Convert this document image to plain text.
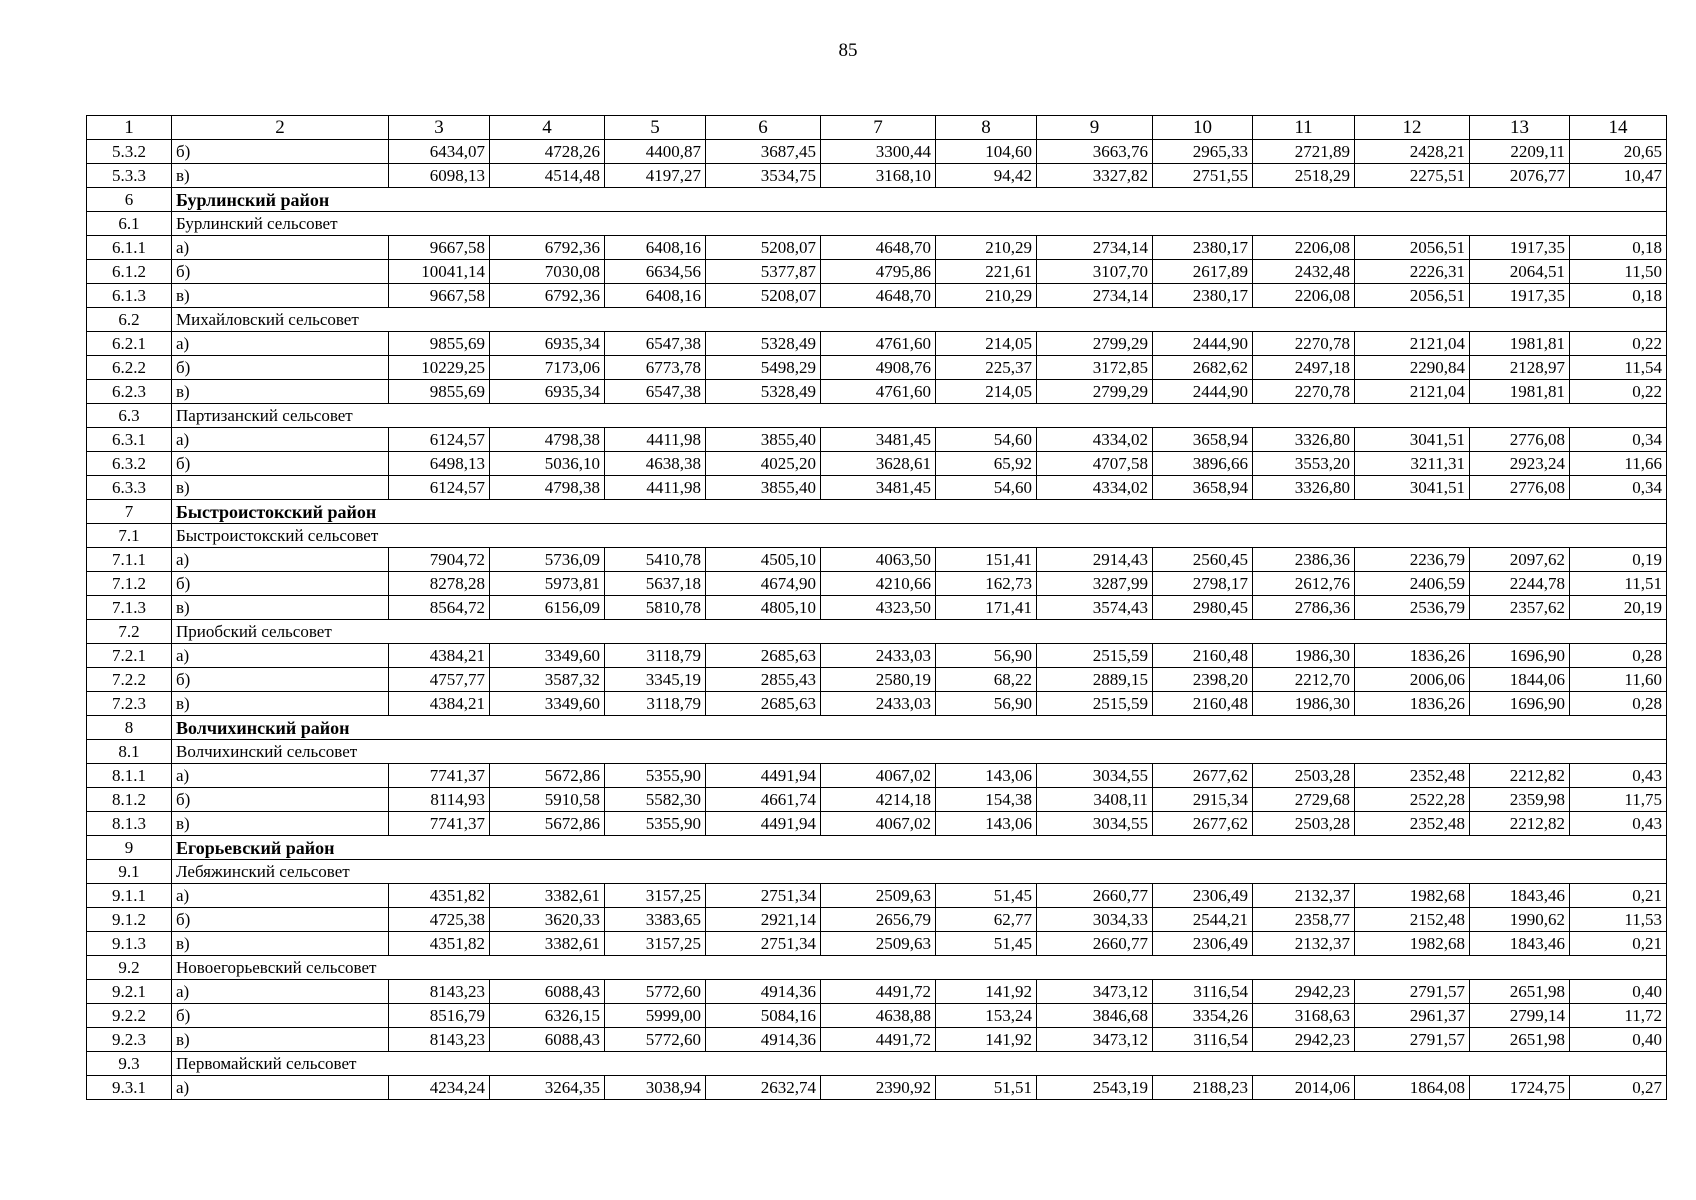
85
1	2	3	4	5	6	7	8	9	10	11	12	13	14
5.3.2	б)	6434,07	4728,26	4400,87	3687,45	3300,44	104,60	3663,76	2965,33	2721,89	2428,21	2209,11	20,65
5.3.3	в)	6098,13	4514,48	4197,27	3534,75	3168,10	94,42	3327,82	2751,55	2518,29	2275,51	2076,77	10,47
6	Бурлинский район												
6.1	Бурлинский сельсовет												
6.1.1	а)	9667,58	6792,36	6408,16	5208,07	4648,70	210,29	2734,14	2380,17	2206,08	2056,51	1917,35	0,18
6.1.2	б)	10041,14	7030,08	6634,56	5377,87	4795,86	221,61	3107,70	2617,89	2432,48	2226,31	2064,51	11,50
6.1.3	в)	9667,58	6792,36	6408,16	5208,07	4648,70	210,29	2734,14	2380,17	2206,08	2056,51	1917,35	0,18
6.2	Михайловский сельсовет												
6.2.1	а)	9855,69	6935,34	6547,38	5328,49	4761,60	214,05	2799,29	2444,90	2270,78	2121,04	1981,81	0,22
6.2.2	б)	10229,25	7173,06	6773,78	5498,29	4908,76	225,37	3172,85	2682,62	2497,18	2290,84	2128,97	11,54
6.2.3	в)	9855,69	6935,34	6547,38	5328,49	4761,60	214,05	2799,29	2444,90	2270,78	2121,04	1981,81	0,22
6.3	Партизанский сельсовет												
6.3.1	а)	6124,57	4798,38	4411,98	3855,40	3481,45	54,60	4334,02	3658,94	3326,80	3041,51	2776,08	0,34
6.3.2	б)	6498,13	5036,10	4638,38	4025,20	3628,61	65,92	4707,58	3896,66	3553,20	3211,31	2923,24	11,66
6.3.3	в)	6124,57	4798,38	4411,98	3855,40	3481,45	54,60	4334,02	3658,94	3326,80	3041,51	2776,08	0,34
7	Быстроистокский район												
7.1	Быстроистокский сельсовет												
7.1.1	а)	7904,72	5736,09	5410,78	4505,10	4063,50	151,41	2914,43	2560,45	2386,36	2236,79	2097,62	0,19
7.1.2	б)	8278,28	5973,81	5637,18	4674,90	4210,66	162,73	3287,99	2798,17	2612,76	2406,59	2244,78	11,51
7.1.3	в)	8564,72	6156,09	5810,78	4805,10	4323,50	171,41	3574,43	2980,45	2786,36	2536,79	2357,62	20,19
7.2	Приобский сельсовет												
7.2.1	а)	4384,21	3349,60	3118,79	2685,63	2433,03	56,90	2515,59	2160,48	1986,30	1836,26	1696,90	0,28
7.2.2	б)	4757,77	3587,32	3345,19	2855,43	2580,19	68,22	2889,15	2398,20	2212,70	2006,06	1844,06	11,60
7.2.3	в)	4384,21	3349,60	3118,79	2685,63	2433,03	56,90	2515,59	2160,48	1986,30	1836,26	1696,90	0,28
8	Волчихинский район												
8.1	Волчихинский сельсовет												
8.1.1	а)	7741,37	5672,86	5355,90	4491,94	4067,02	143,06	3034,55	2677,62	2503,28	2352,48	2212,82	0,43
8.1.2	б)	8114,93	5910,58	5582,30	4661,74	4214,18	154,38	3408,11	2915,34	2729,68	2522,28	2359,98	11,75
8.1.3	в)	7741,37	5672,86	5355,90	4491,94	4067,02	143,06	3034,55	2677,62	2503,28	2352,48	2212,82	0,43
9	Егорьевский район												
9.1	Лебяжинский сельсовет												
9.1.1	а)	4351,82	3382,61	3157,25	2751,34	2509,63	51,45	2660,77	2306,49	2132,37	1982,68	1843,46	0,21
9.1.2	б)	4725,38	3620,33	3383,65	2921,14	2656,79	62,77	3034,33	2544,21	2358,77	2152,48	1990,62	11,53
9.1.3	в)	4351,82	3382,61	3157,25	2751,34	2509,63	51,45	2660,77	2306,49	2132,37	1982,68	1843,46	0,21
9.2	Новоегорьевский сельсовет												
9.2.1	а)	8143,23	6088,43	5772,60	4914,36	4491,72	141,92	3473,12	3116,54	2942,23	2791,57	2651,98	0,40
9.2.2	б)	8516,79	6326,15	5999,00	5084,16	4638,88	153,24	3846,68	3354,26	3168,63	2961,37	2799,14	11,72
9.2.3	в)	8143,23	6088,43	5772,60	4914,36	4491,72	141,92	3473,12	3116,54	2942,23	2791,57	2651,98	0,40
9.3	Первомайский сельсовет												
9.3.1	а)	4234,24	3264,35	3038,94	2632,74	2390,92	51,51	2543,19	2188,23	2014,06	1864,08	1724,75	0,27
